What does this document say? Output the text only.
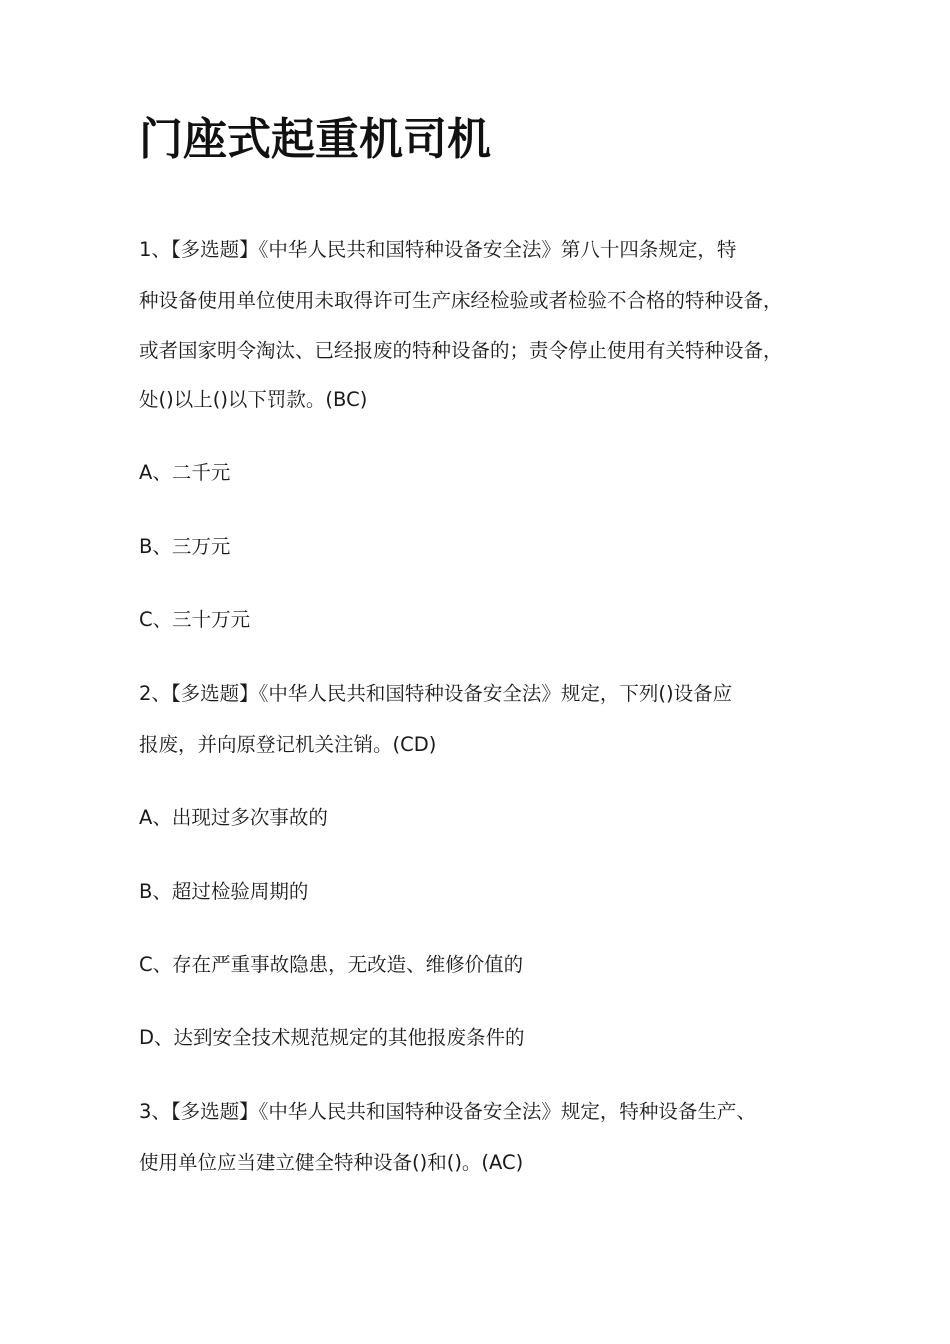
门座式起重机司机
1、【多选题】《中华人民共和国特种设备安全法》第八十四条规定，特
种设备使用单位使用未取得许可生产床经检验或者检验不合格的特种设备，
或者国家明令淘汰、已经报废的特种设备的；责令停止使用有关特种设备，
处()以上()以下罚款。(BC)
A、二千元
B、三万元
C、三十万元
2、【多选题】《中华人民共和国特种设备安全法》规定，下列()设备应
报废，并向原登记机关注销。(CD)
A、出现过多次事故的
B、超过检验周期的
C、存在严重事故隐患，无改造、维修价值的
D、达到安全技术规范规定的其他报废条件的
3、【多选题】《中华人民共和国特种设备安全法》规定，特种设备生产、
使用单位应当建立健全特种设备()和()。(AC)
